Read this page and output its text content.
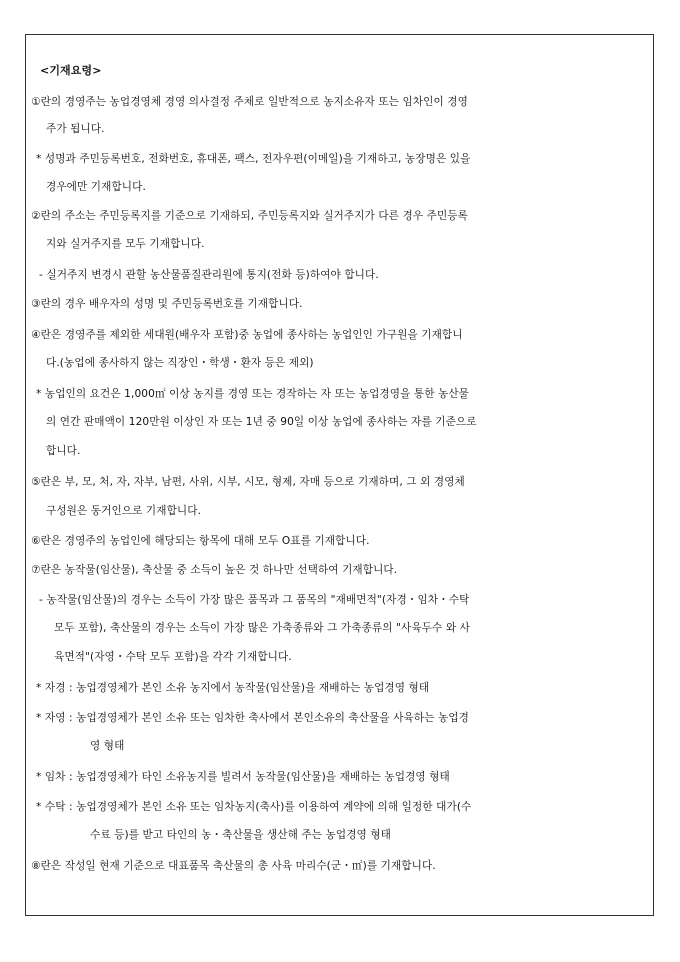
<기재요령>
①란의 경영주는 농업경영체 경영 의사결정 주체로 일반적으로 농지소유자 또는 임차인이 경영
주가 됩니다.
* 성명과 주민등록번호, 전화번호, 휴대폰, 팩스, 전자우편(이메일)을 기재하고, 농장명은 있을
경우에만 기재합니다.
②란의 주소는 주민등록지를 기준으로 기재하되, 주민등록지와 실거주지가 다른 경우 주민등록
지와 실거주지를 모두 기재합니다.
- 실거주지 변경시 관할 농산물품질관리원에 통지(전화 등)하여야 합니다.
③란의 경우 배우자의 성명 및 주민등록번호를 기재합니다.
④란은 경영주를 제외한 세대원(배우자 포함)중 농업에 종사하는 농업인인 가구원을 기재합니
다.(농업에 종사하지 않는 직장인・학생・환자 등은 제외)
* 농업인의 요건은 1,000㎡ 이상 농지를 경영 또는 경작하는 자 또는 농업경영을 통한 농산물
의 연간 판매액이 120만원 이상인 자 또는 1년 중 90일 이상 농업에 종사하는 자를 기준으로
합니다.
⑤란은 부, 모, 처, 자, 자부, 남편, 사위, 시부, 시모, 형제, 자매 등으로 기재하며, 그 외 경영체
구성원은 동거인으로 기재합니다.
⑥란은 경영주의 농업인에 해당되는 항목에 대해 모두 O표를 기재합니다.
⑦란은 농작물(임산물), 축산물 중 소득이 높은 것 하나만 선택하여 기재합니다.
- 농작물(임산물)의 경우는 소득이 가장 많은 품목과 그 품목의 "재배면적"(자경・임차・수탁
모두 포함), 축산물의 경우는 소득이 가장 많은 가축종류와 그 가축종류의 "사육두수 와 사
육면적"(자영・수탁 모두 포함)을 각각 기재합니다.
* 자경 : 농업경영체가 본인 소유 농지에서 농작물(임산물)을 재배하는 농업경영 형태
* 자영 : 농업경영체가 본인 소유 또는 임차한 축사에서 본인소유의 축산물을 사육하는 농업경
영 형태
* 임차 : 농업경영체가 타인 소유농지를 빌려서 농작물(임산물)을 재배하는 농업경영 형태
* 수탁 : 농업경영체가 본인 소유 또는 임차농지(축사)를 이용하여 계약에 의해 일정한 대가(수
수료 등)를 받고 타인의 농・축산물을 생산해 주는 농업경영 형태
⑧란은 작성일 현재 기준으로 대표품목 축산물의 총 사육 마리수(군・㎡)를 기재합니다.
